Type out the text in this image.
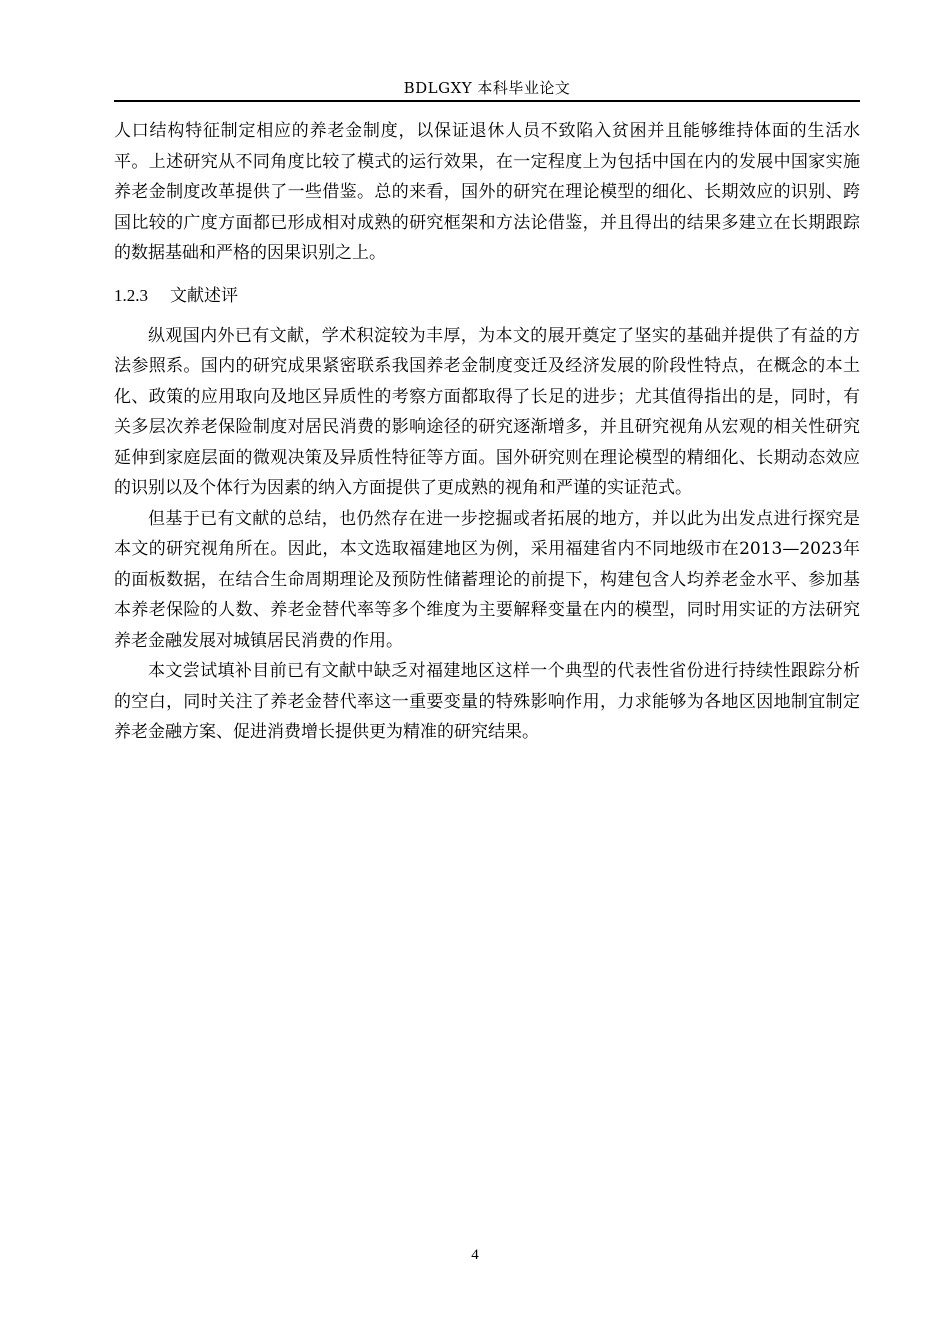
BDLGXY 本科毕业论文

人口结构特征制定相应的养老金制度，以保证退休人员不致陷入贫困并且能够维持体面的生活水平。上述研究从不同角度比较了模式的运行效果，在一定程度上为包括中国在内的发展中国家实施养老金制度改革提供了一些借鉴。总的来看，国外的研究在理论模型的细化、长期效应的识别、跨国比较的广度方面都已形成相对成熟的研究框架和方法论借鉴，并且得出的结果多建立在长期跟踪的数据基础和严格的因果识别之上。

1.2.3 文献述评

纵观国内外已有文献，学术积淀较为丰厚，为本文的展开奠定了坚实的基础并提供了有益的方法参照系。国内的研究成果紧密联系我国养老金制度变迁及经济发展的阶段性特点，在概念的本土化、政策的应用取向及地区异质性的考察方面都取得了长足的进步；尤其值得指出的是，同时，有关多层次养老保险制度对居民消费的影响途径的研究逐渐增多，并且研究视角从宏观的相关性研究延伸到家庭层面的微观决策及异质性特征等方面。国外研究则在理论模型的精细化、长期动态效应的识别以及个体行为因素的纳入方面提供了更成熟的视角和严谨的实证范式。

但基于已有文献的总结，也仍然存在进一步挖掘或者拓展的地方，并以此为出发点进行探究是本文的研究视角所在。因此，本文选取福建地区为例，采用福建省内不同地级市在2013—2023年的面板数据，在结合生命周期理论及预防性储蓄理论的前提下，构建包含人均养老金水平、参加基本养老保险的人数、养老金替代率等多个维度为主要解释变量在内的模型，同时用实证的方法研究养老金融发展对城镇居民消费的作用。

本文尝试填补目前已有文献中缺乏对福建地区这样一个典型的代表性省份进行持续性跟踪分析的空白，同时关注了养老金替代率这一重要变量的特殊影响作用，力求能够为各地区因地制宜制定养老金融方案、促进消费增长提供更为精准的研究结果。

4
